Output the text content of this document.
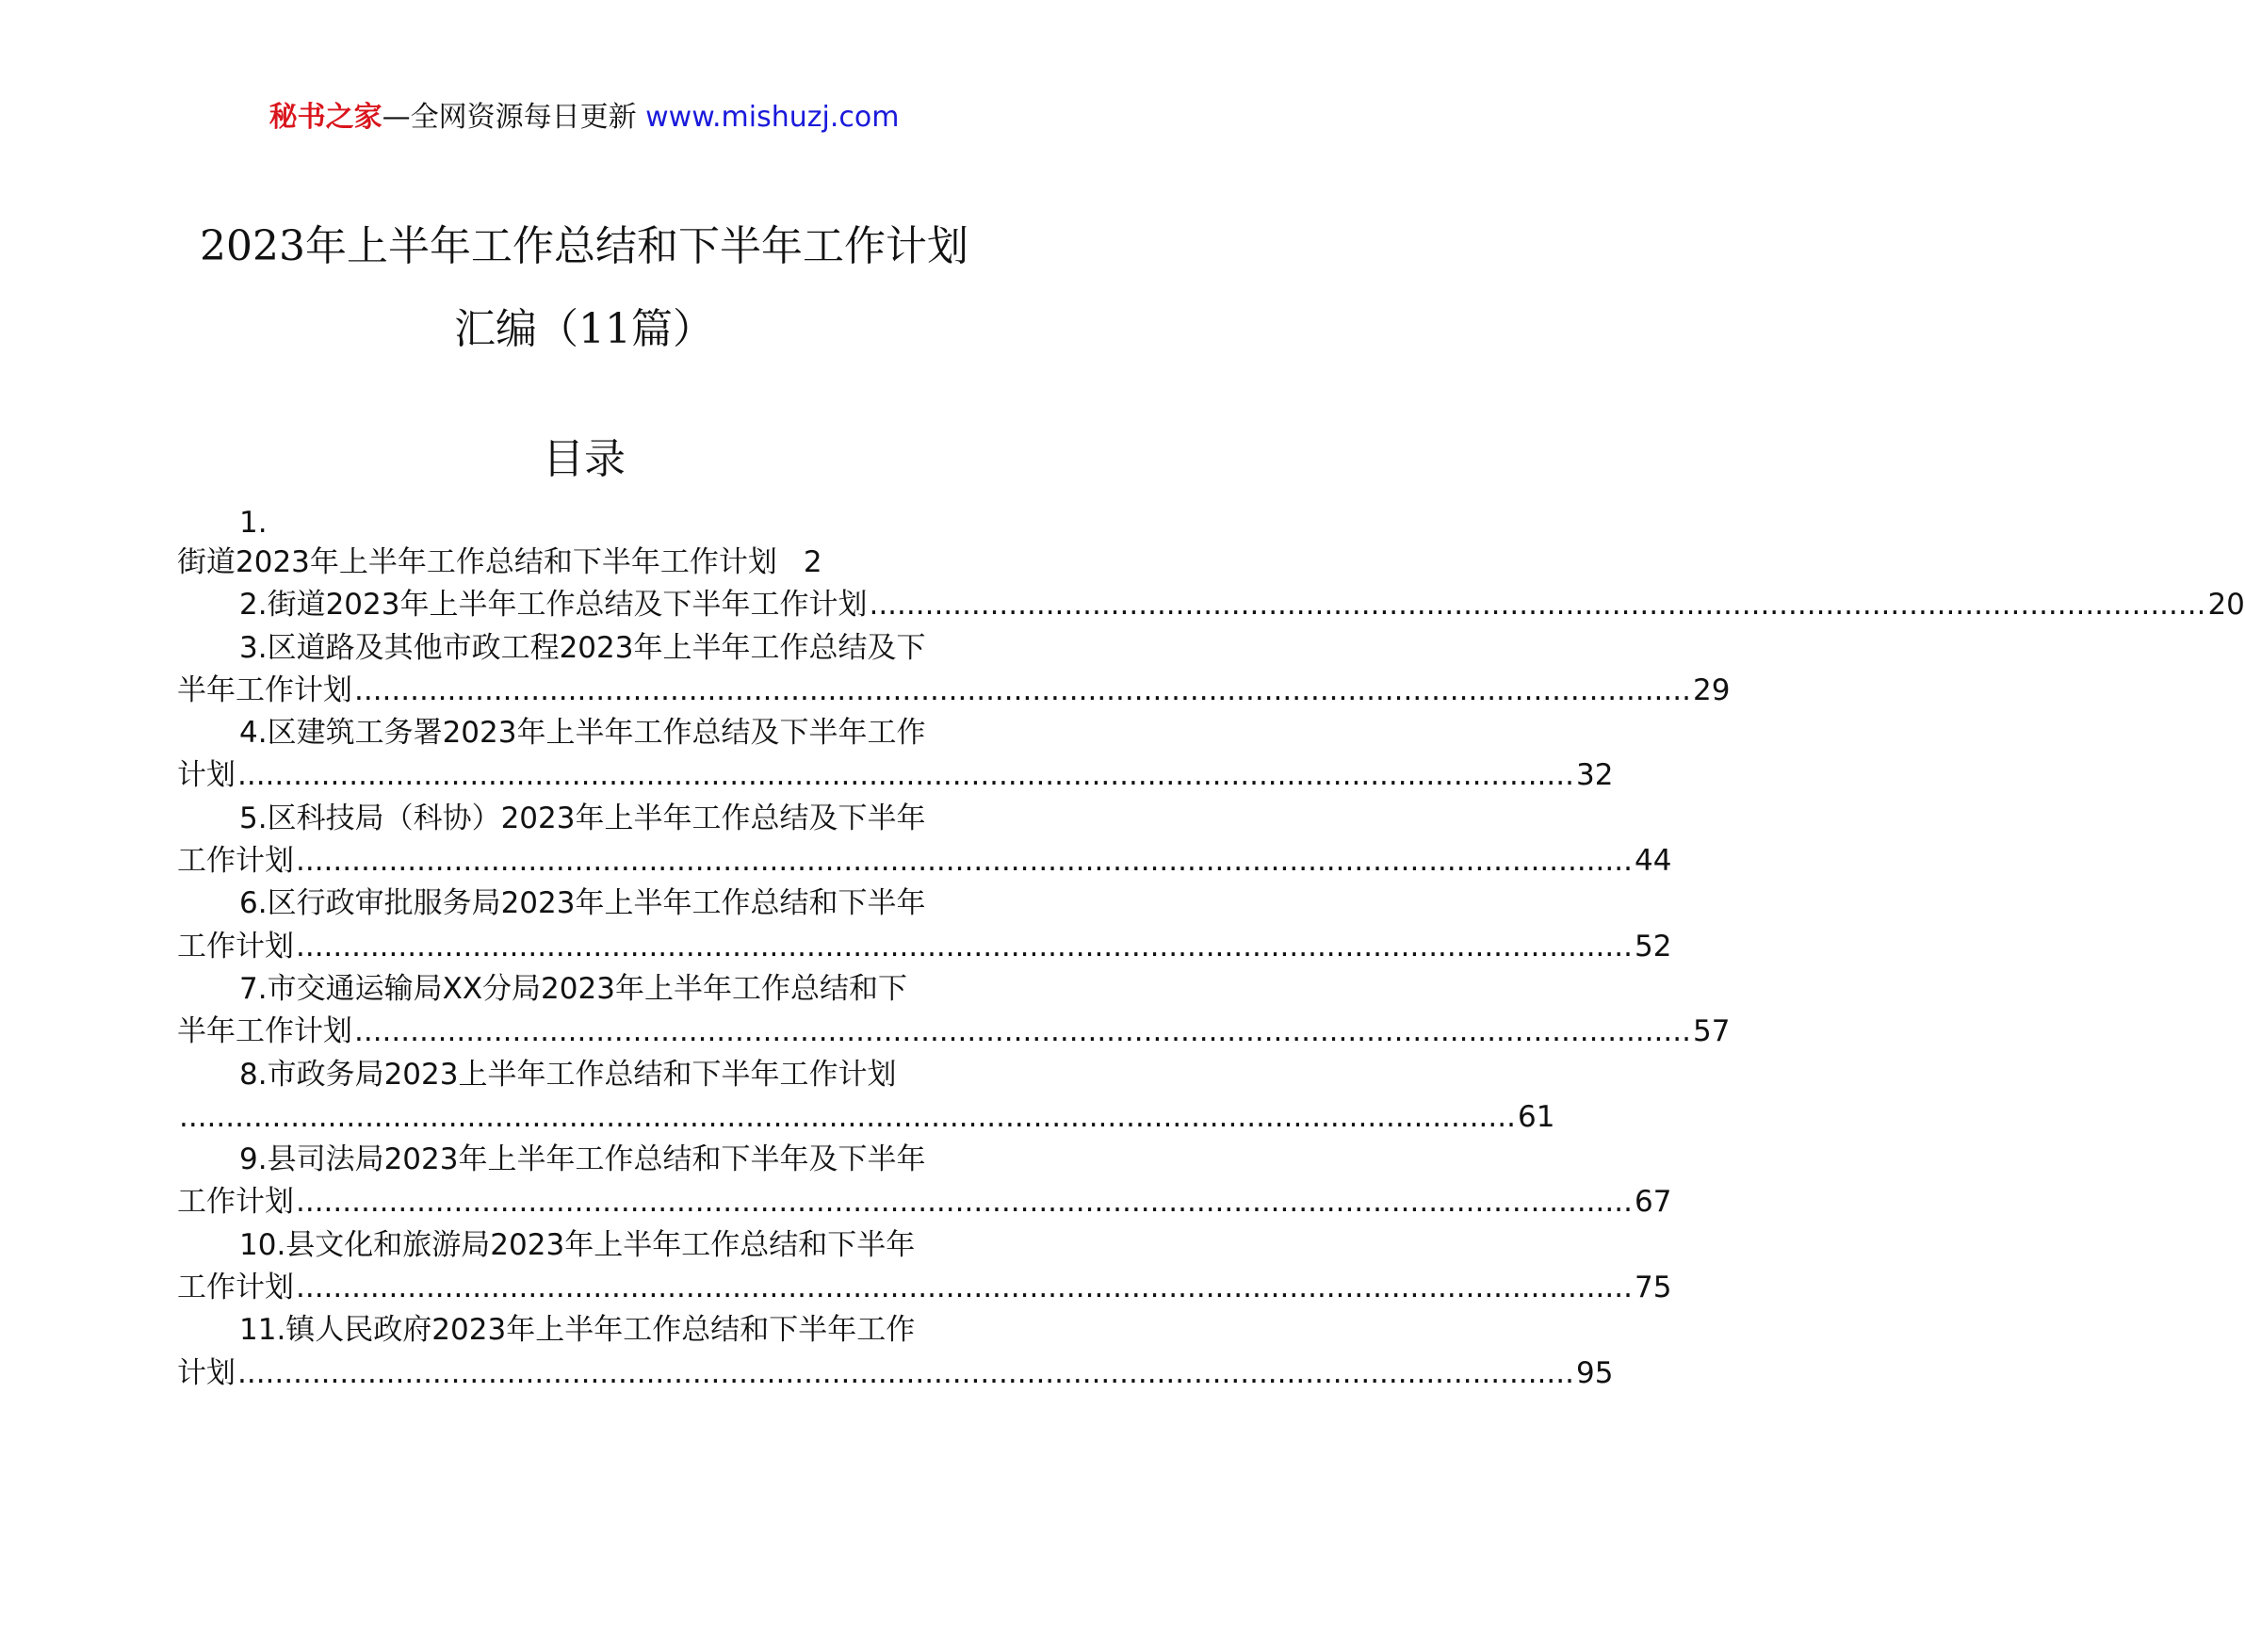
秘书之家—全网资源每日更新 www.mishuzj.com
2023年上半年工作总结和下半年工作计划
汇编（11篇）
目录
1.
街道2023年上半年工作总结和下半年工作计划 2
2.街道2023年上半年工作总结及下半年工作计划 ................................................................................................................................................ 20
3.区道路及其他市政工程2023年上半年工作总结及下
半年工作计划 ................................................................................................................................................ 29
4.区建筑工务署2023年上半年工作总结及下半年工作
计划 ................................................................................................................................................ 32
5.区科技局（科协）2023年上半年工作总结及下半年
工作计划 ................................................................................................................................................ 44
6.区行政审批服务局2023年上半年工作总结和下半年
工作计划 ................................................................................................................................................ 52
7.市交通运输局XX分局2023年上半年工作总结和下
半年工作计划 ................................................................................................................................................ 57
8.市政务局2023上半年工作总结和下半年工作计划
................................................................................................................................................ 61
9.县司法局2023年上半年工作总结和下半年及下半年
工作计划 ................................................................................................................................................ 67
10.县文化和旅游局2023年上半年工作总结和下半年
工作计划 ................................................................................................................................................ 75
11.镇人民政府2023年上半年工作总结和下半年工作
计划 ................................................................................................................................................ 95
